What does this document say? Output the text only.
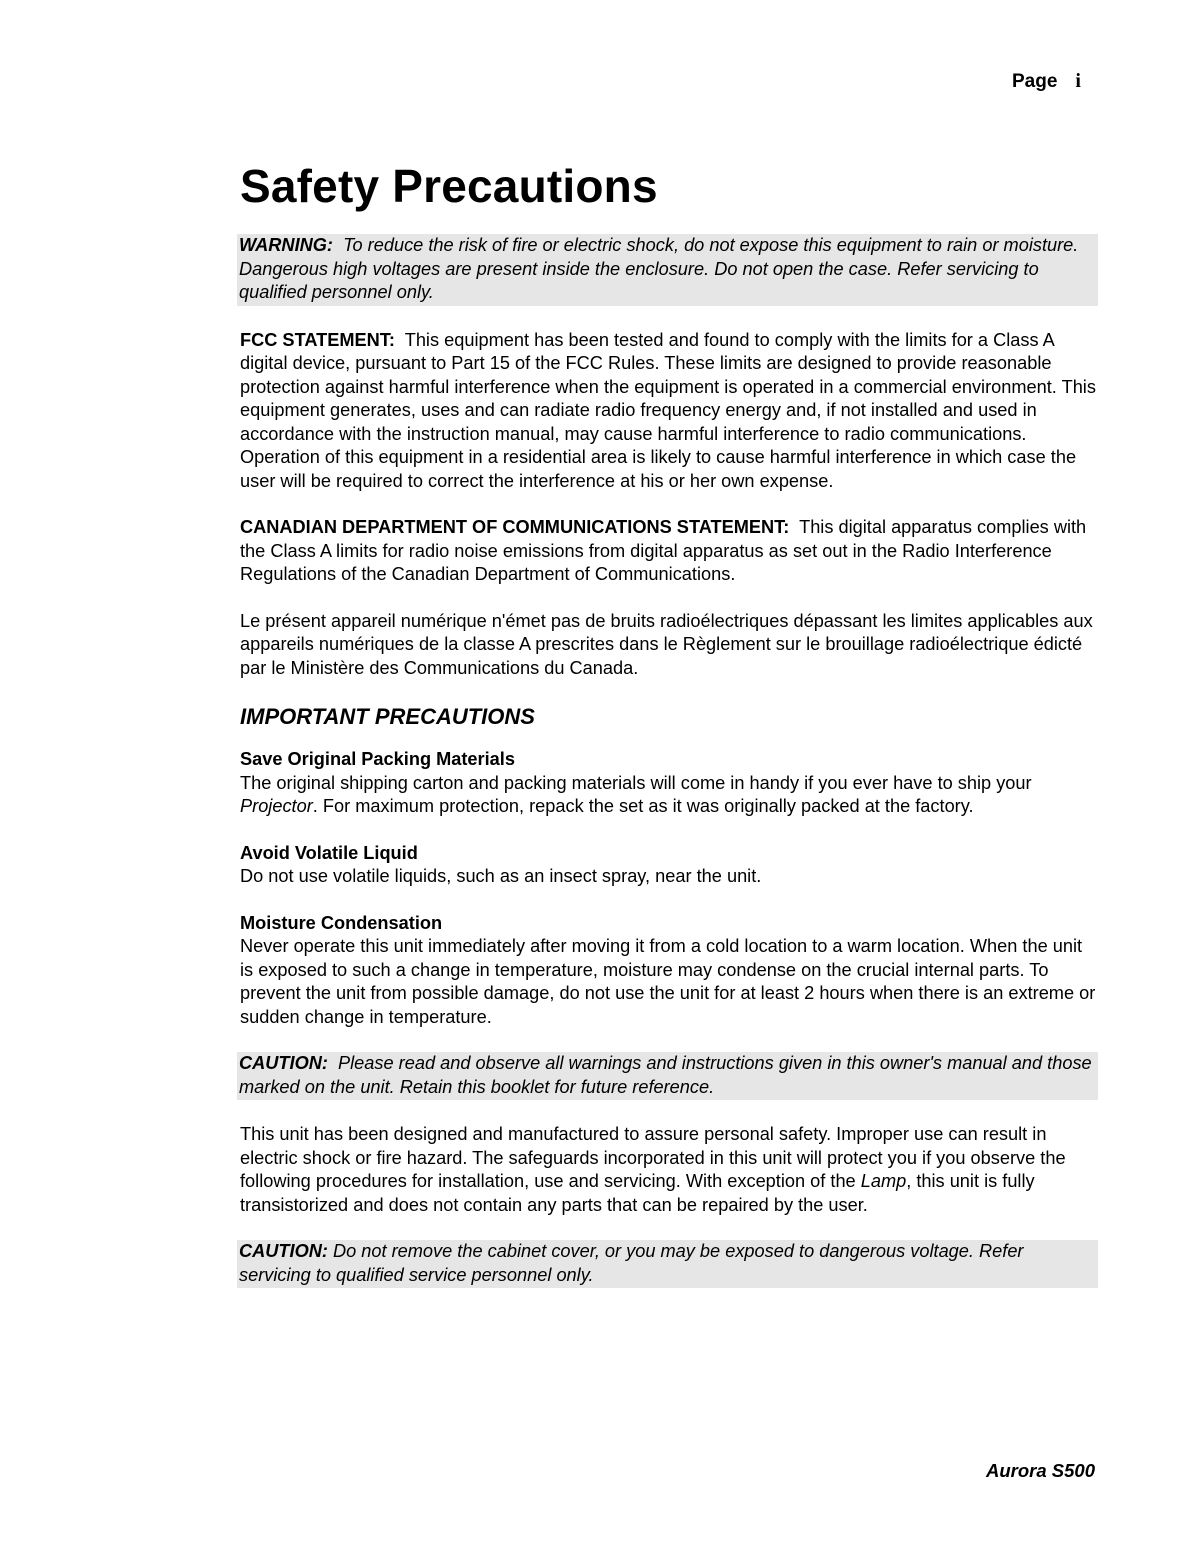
Page i
Safety Precautions
WARNING: To reduce the risk of fire or electric shock, do not expose this equipment to rain or moisture. Dangerous high voltages are present inside the enclosure. Do not open the case. Refer servicing to qualified personnel only.

FCC STATEMENT: This equipment has been tested and found to comply with the limits for a Class A digital device, pursuant to Part 15 of the FCC Rules. These limits are designed to provide reasonable protection against harmful interference when the equipment is operated in a commercial environment. This equipment generates, uses and can radiate radio frequency energy and, if not installed and used in accordance with the instruction manual, may cause harmful interference to radio communications. Operation of this equipment in a residential area is likely to cause harmful interference in which case the user will be required to correct the interference at his or her own expense.

CANADIAN DEPARTMENT OF COMMUNICATIONS STATEMENT: This digital apparatus complies with the Class A limits for radio noise emissions from digital apparatus as set out in the Radio Interference Regulations of the Canadian Department of Communications.

Le présent appareil numérique n'émet pas de bruits radioélectriques dépassant les limites applicables aux appareils numériques de la classe A prescrites dans le Règlement sur le brouillage radioélectrique édicté par le Ministère des Communications du Canada.

IMPORTANT PRECAUTIONS
Save Original Packing Materials

The original shipping carton and packing materials will come in handy if you ever have to ship your Projector. For maximum protection, repack the set as it was originally packed at the factory.

Avoid Volatile Liquid

Do not use volatile liquids, such as an insect spray, near the unit.

Moisture Condensation

Never operate this unit immediately after moving it from a cold location to a warm location. When the unit is exposed to such a change in temperature, moisture may condense on the crucial internal parts. To prevent the unit from possible damage, do not use the unit for at least 2 hours when there is an extreme or sudden change in temperature.

CAUTION: Please read and observe all warnings and instructions given in this owner's manual and those marked on the unit. Retain this booklet for future reference.

This unit has been designed and manufactured to assure personal safety. Improper use can result in electric shock or fire hazard. The safeguards incorporated in this unit will protect you if you observe the following procedures for installation, use and servicing. With exception of the Lamp, this unit is fully transistorized and does not contain any parts that can be repaired by the user.

CAUTION: Do not remove the cabinet cover, or you may be exposed to dangerous voltage. Refer servicing to qualified service personnel only.
Aurora S500
